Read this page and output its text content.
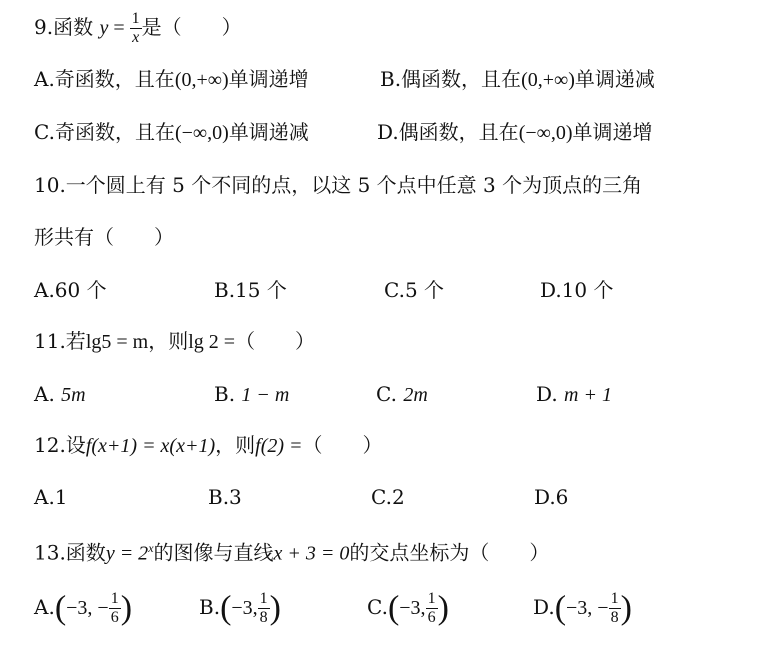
9.函数 $y = \frac{1}{x}$ 是（　　）
A.奇函数，且在(0,+∞)单调递增	B.偶函数，且在(0,+∞)单调递减
C.奇函数，且在(−∞,0)单调递减	D.偶函数，且在(−∞,0)单调递增
10.一个圆上有 5 个不同的点，以这 5 个点中任意 3 个为顶点的三角
形共有（　　）
A.60 个	B.15 个	C.5 个	D.10 个
11.若lg5 = m，则lg 2 =（　　）
A. 5m	B. 1 − m	C. 2m	D. m + 1
12.设f(x+1) = x(x+1)，则f(2) =（　　）
A.1	B.3	C.2	D.6
13.函数$y = 2^x$的图像与直线x + 3 = 0的交点坐标为（　　）
A.(−3, − $\frac{1}{6}$ )	B.(−3, $\frac{1}{8}$ )	C.(−3, $\frac{1}{6}$ )	D.(−3, − $\frac{1}{8}$ )
